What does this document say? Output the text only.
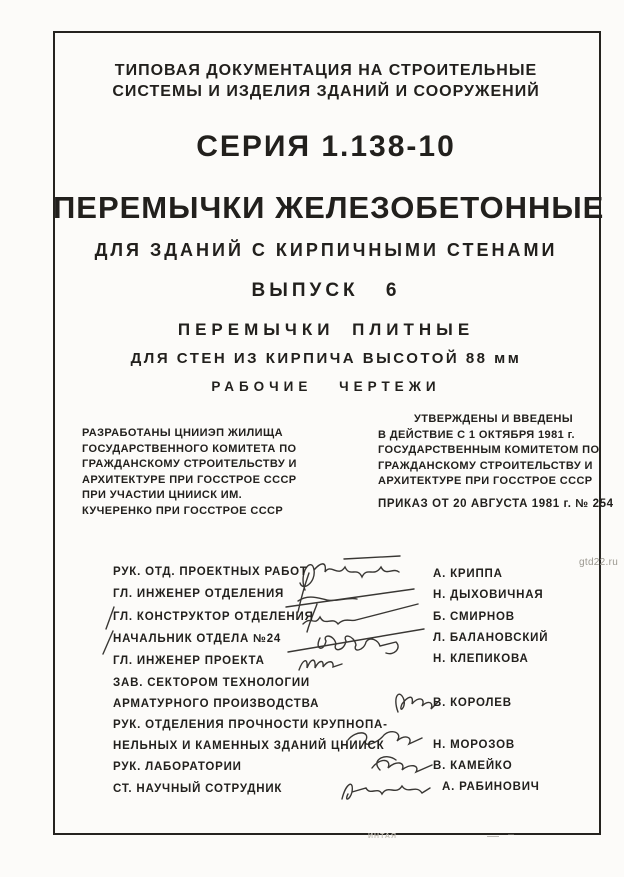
ТИПОВАЯ ДОКУМЕНТАЦИЯ НА СТРОИТЕЛЬНЫЕ
СИСТЕМЫ И ИЗДЕЛИЯ ЗДАНИЙ И СООРУЖЕНИЙ
СЕРИЯ 1.138-10
ПЕРЕМЫЧКИ ЖЕЛЕЗОБЕТОННЫЕ
ДЛЯ ЗДАНИЙ С КИРПИЧНЫМИ СТЕНАМИ
ВЫПУСК 6
ПЕРЕМЫЧКИ ПЛИТНЫЕ
ДЛЯ СТЕН ИЗ КИРПИЧА ВЫСОТОЙ 88 мм
РАБОЧИЕ ЧЕРТЕЖИ
РАЗРАБОТАНЫ ЦНИИЭП ЖИЛИЩА
ГОСУДАРСТВЕННОГО КОМИТЕТА ПО
ГРАЖДАНСКОМУ СТРОИТЕЛЬСТВУ И
АРХИТЕКТУРЕ ПРИ ГОССТРОЕ СССР
ПРИ УЧАСТИИ ЦНИИСК ИМ.
КУЧЕРЕНКО ПРИ ГОССТРОЕ СССР
УТВЕРЖДЕНЫ И ВВЕДЕНЫ
В ДЕЙСТВИЕ С 1 ОКТЯБРЯ 1981 г.
ГОСУДАРСТВЕННЫМ КОМИТЕТОМ ПО
ГРАЖДАНСКОМУ СТРОИТЕЛЬСТВУ И
АРХИТЕКТУРЕ ПРИ ГОССТРОЕ СССР
ПРИКАЗ ОТ 20 АВГУСТА 1981 г. № 254
РУК. ОТД. ПРОЕКТНЫХ РАБОТ
ГЛ. ИНЖЕНЕР ОТДЕЛЕНИЯ
ГЛ. КОНСТРУКТОР ОТДЕЛЕНИЯ
НАЧАЛЬНИК ОТДЕЛА №24
ГЛ. ИНЖЕНЕР ПРОЕКТА
ЗАВ. СЕКТОРОМ ТЕХНОЛОГИИ
АРМАТУРНОГО ПРОИЗВОДСТВА
РУК. ОТДЕЛЕНИЯ ПРОЧНОСТИ КРУПНОПА-
НЕЛЬНЫХ И КАМЕННЫХ ЗДАНИЙ ЦНИИСК
РУК. ЛАБОРАТОРИИ
СТ. НАУЧНЫЙ СОТРУДНИК
А. КРИППА
Н. ДЫХОВИЧНАЯ
Б. СМИРНОВ
Л. БАЛАНОВСКИЙ
Н. КЛЕПИКОВА
В. КОРОЛЕВ
Н. МОРОЗОВ
В. КАМЕЙКО
А. РАБИНОВИЧ
gtd22.ru
ИНТАЯ
